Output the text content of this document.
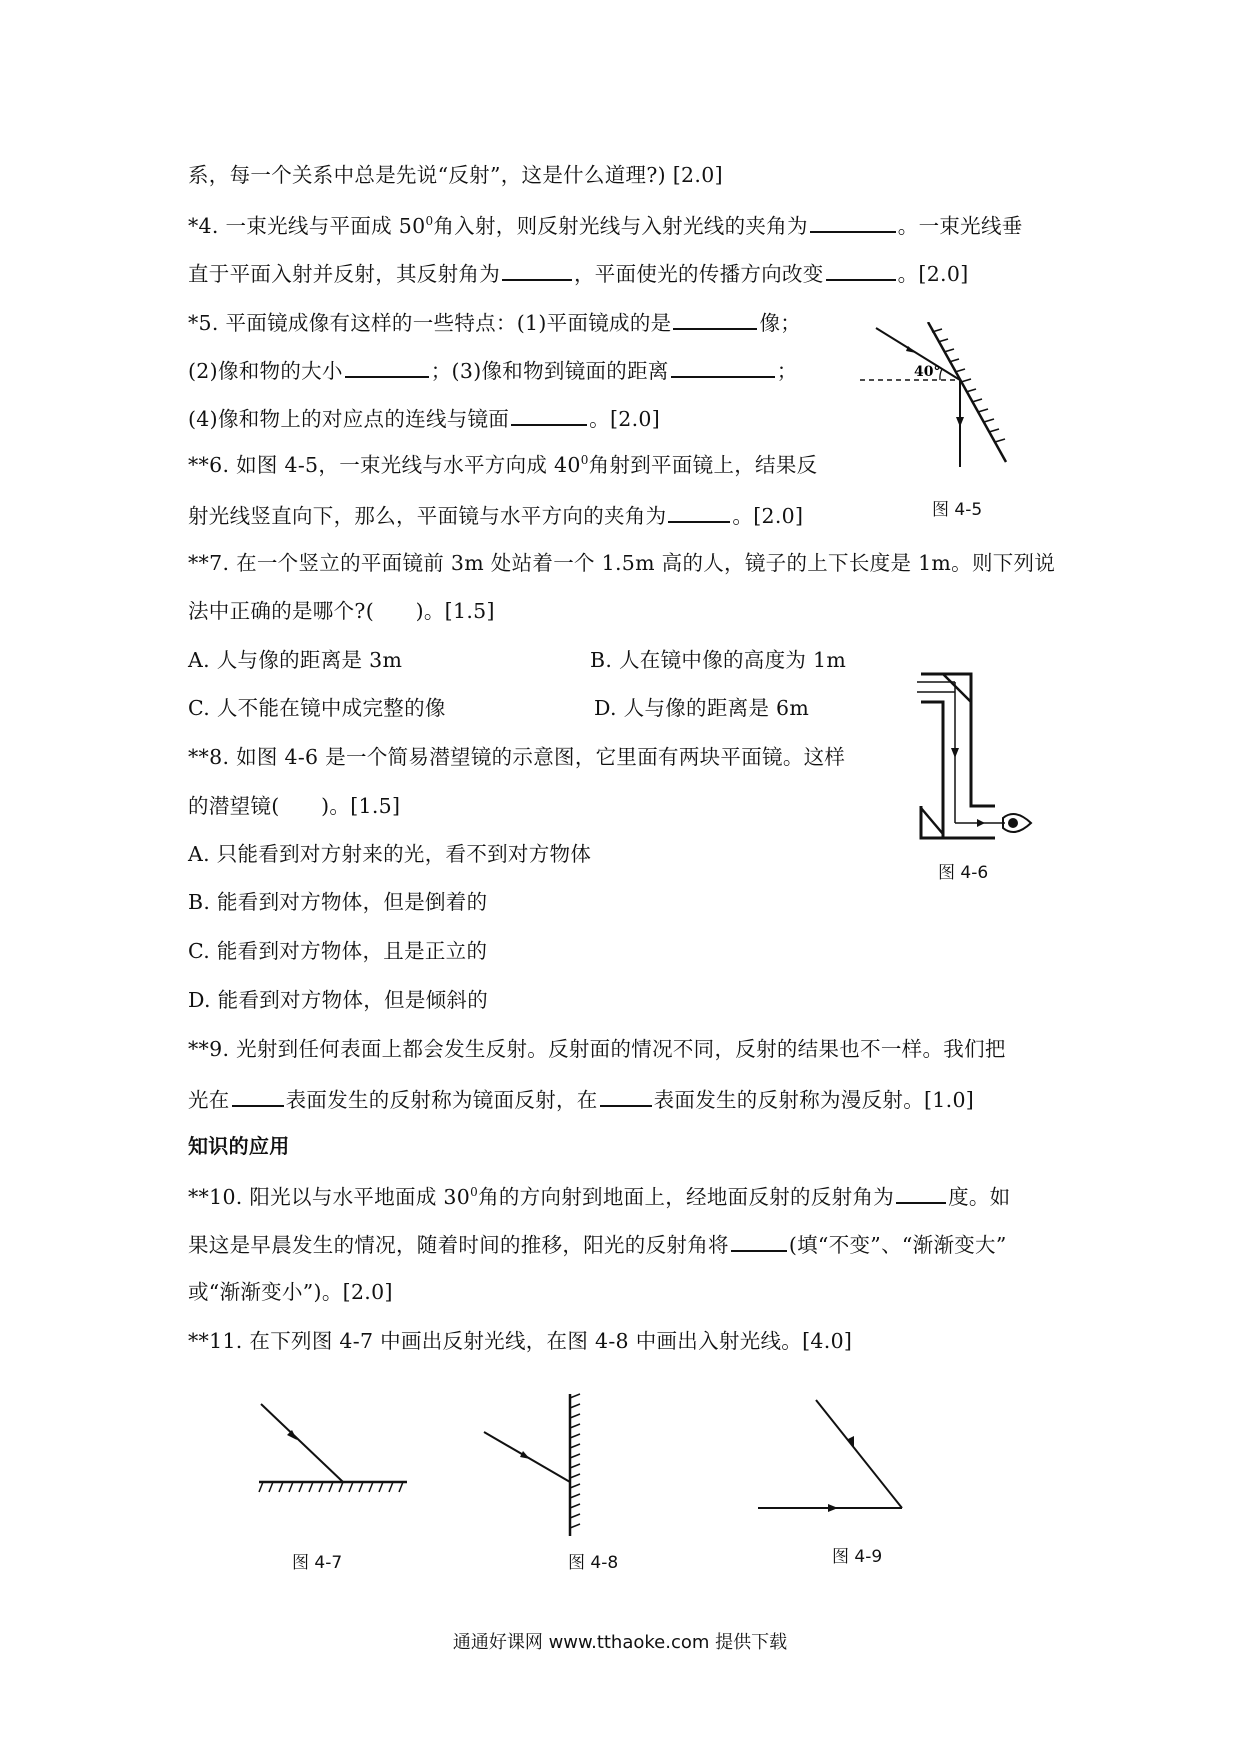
系，每一个关系中总是先说“反射”，这是什么道理?) [2.0]
*4. 一束光线与平面成 $50^0$角入射，则反射光线与入射光线的夹角为	。一束光线垂
直于平面入射并反射，其反射角为	，平面使光的传播方向改变	。[2.0]
*5. 平面镜成像有这样的一些特点：(1)平面镜成的是	像；
(2)像和物的大小	；(3)像和物到镜面的距离	；
(4)像和物上的对应点的连线与镜面	。[2.0]
**6. 如图 4-5，一束光线与水平方向成 $40^0$角射到平面镜上，结果反
射光线竖直向下，那么，平面镜与水平方向的夹角为	。[2.0]
**7. 在一个竖立的平面镜前 3m 处站着一个 1.5m 高的人，镜子的上下长度是 1m。则下列说
法中正确的是哪个?(　　)。[1.5]
A. 人与像的距离是 3m	B. 人在镜中像的高度为 1m
C. 人不能在镜中成完整的像	D. 人与像的距离是 6m
**8. 如图 4-6 是一个简易潜望镜的示意图，它里面有两块平面镜。这样
的潜望镜(　　)。[1.5]
A. 只能看到对方射来的光，看不到对方物体
B. 能看到对方物体，但是倒着的
C. 能看到对方物体，且是正立的
D. 能看到对方物体，但是倾斜的
**9. 光射到任何表面上都会发生反射。反射面的情况不同，反射的结果也不一样。我们把
光在	表面发生的反射称为镜面反射，在	表面发生的反射称为漫反射。[1.0]
知识的应用
**10. 阳光以与水平地面成 $30^0$角的方向射到地面上，经地面反射的反射角为	度。如
果这是早晨发生的情况，随着时间的推移，阳光的反射角将	(填“不变”、“渐渐变大”
或“渐渐变小”)。[2.0]
**11. 在下列图 4-7 中画出反射光线，在图 4-8 中画出入射光线。[4.0]
40°
图 4-5
图 4-6
图 4-7	图 4-8	图 4-9
通通好课网 www.tthaoke.com 提供下载
